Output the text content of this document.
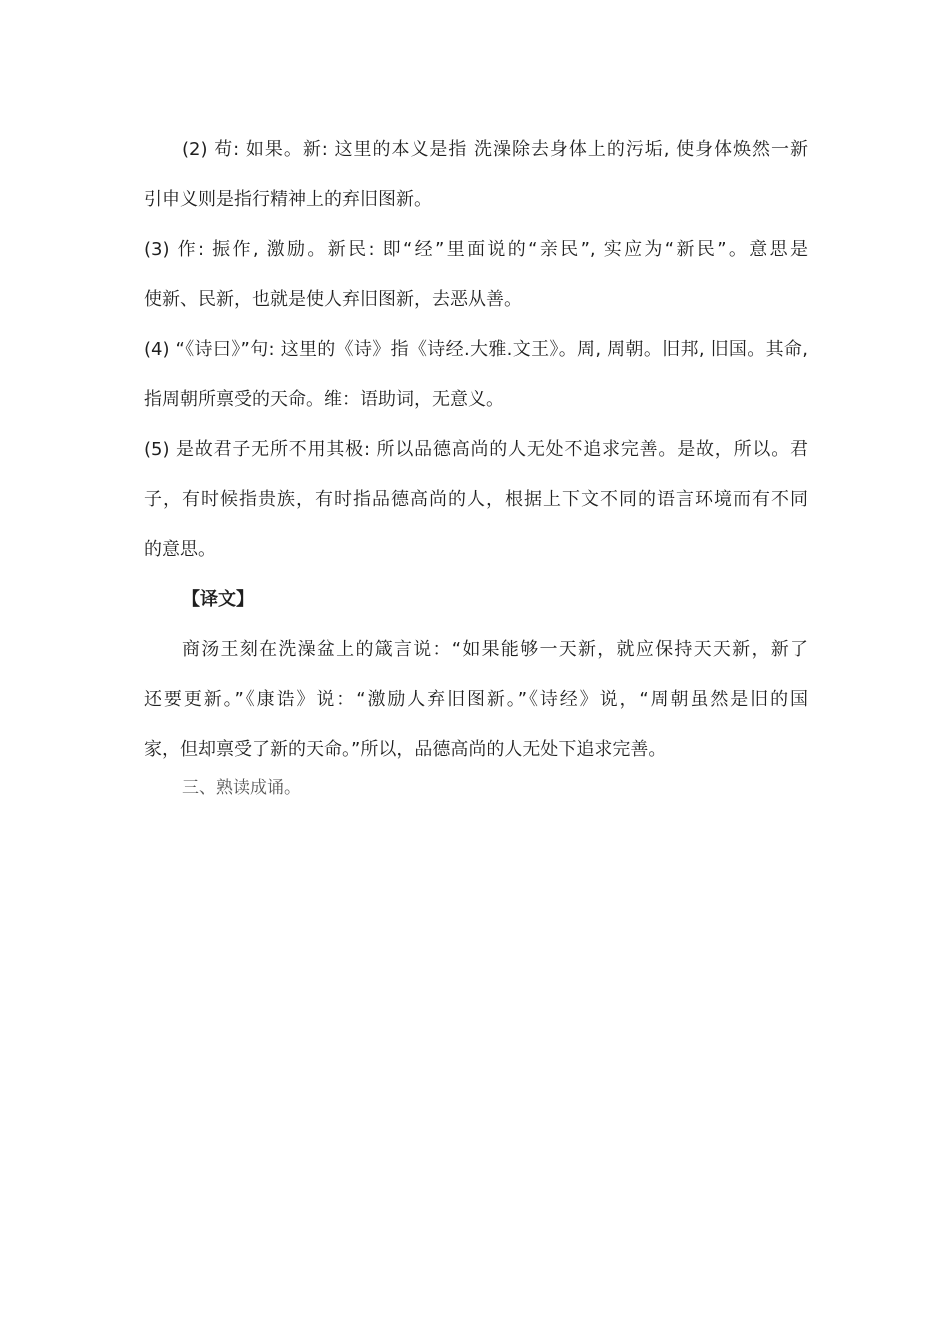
(2) 苟: 如果。新: 这里的本义是指 洗澡除去身体上的污垢, 使身体焕然一新
引申义则是指行精神上的弃旧图新。
(3) 作: 振作, 激励。新民: 即“经”里面说的“亲民”, 实应为“新民”。意思是
使新、民新，也就是使人弃旧图新，去恶从善。
(4) “《诗曰》”句: 这里的《诗》指《诗经.大雅.文王》。周, 周朝。旧邦, 旧国。其命,
指周朝所禀受的天命。维：语助词，无意义。
(5) 是故君子无所不用其极: 所以品德高尚的人无处不追求完善。是故，所以。君
子，有时候指贵族，有时指品德高尚的人，根据上下文不同的语言环境而有不同
的意思。
【译文】
商汤王刻在洗澡盆上的箴言说：“如果能够一天新，就应保持天天新，新了
还要更新。”《康诰》说：“激励人弃旧图新。”《诗经》说，“周朝虽然是旧的国
家，但却禀受了新的天命。”所以，品德高尚的人无处下追求完善。
三、熟读成诵。
